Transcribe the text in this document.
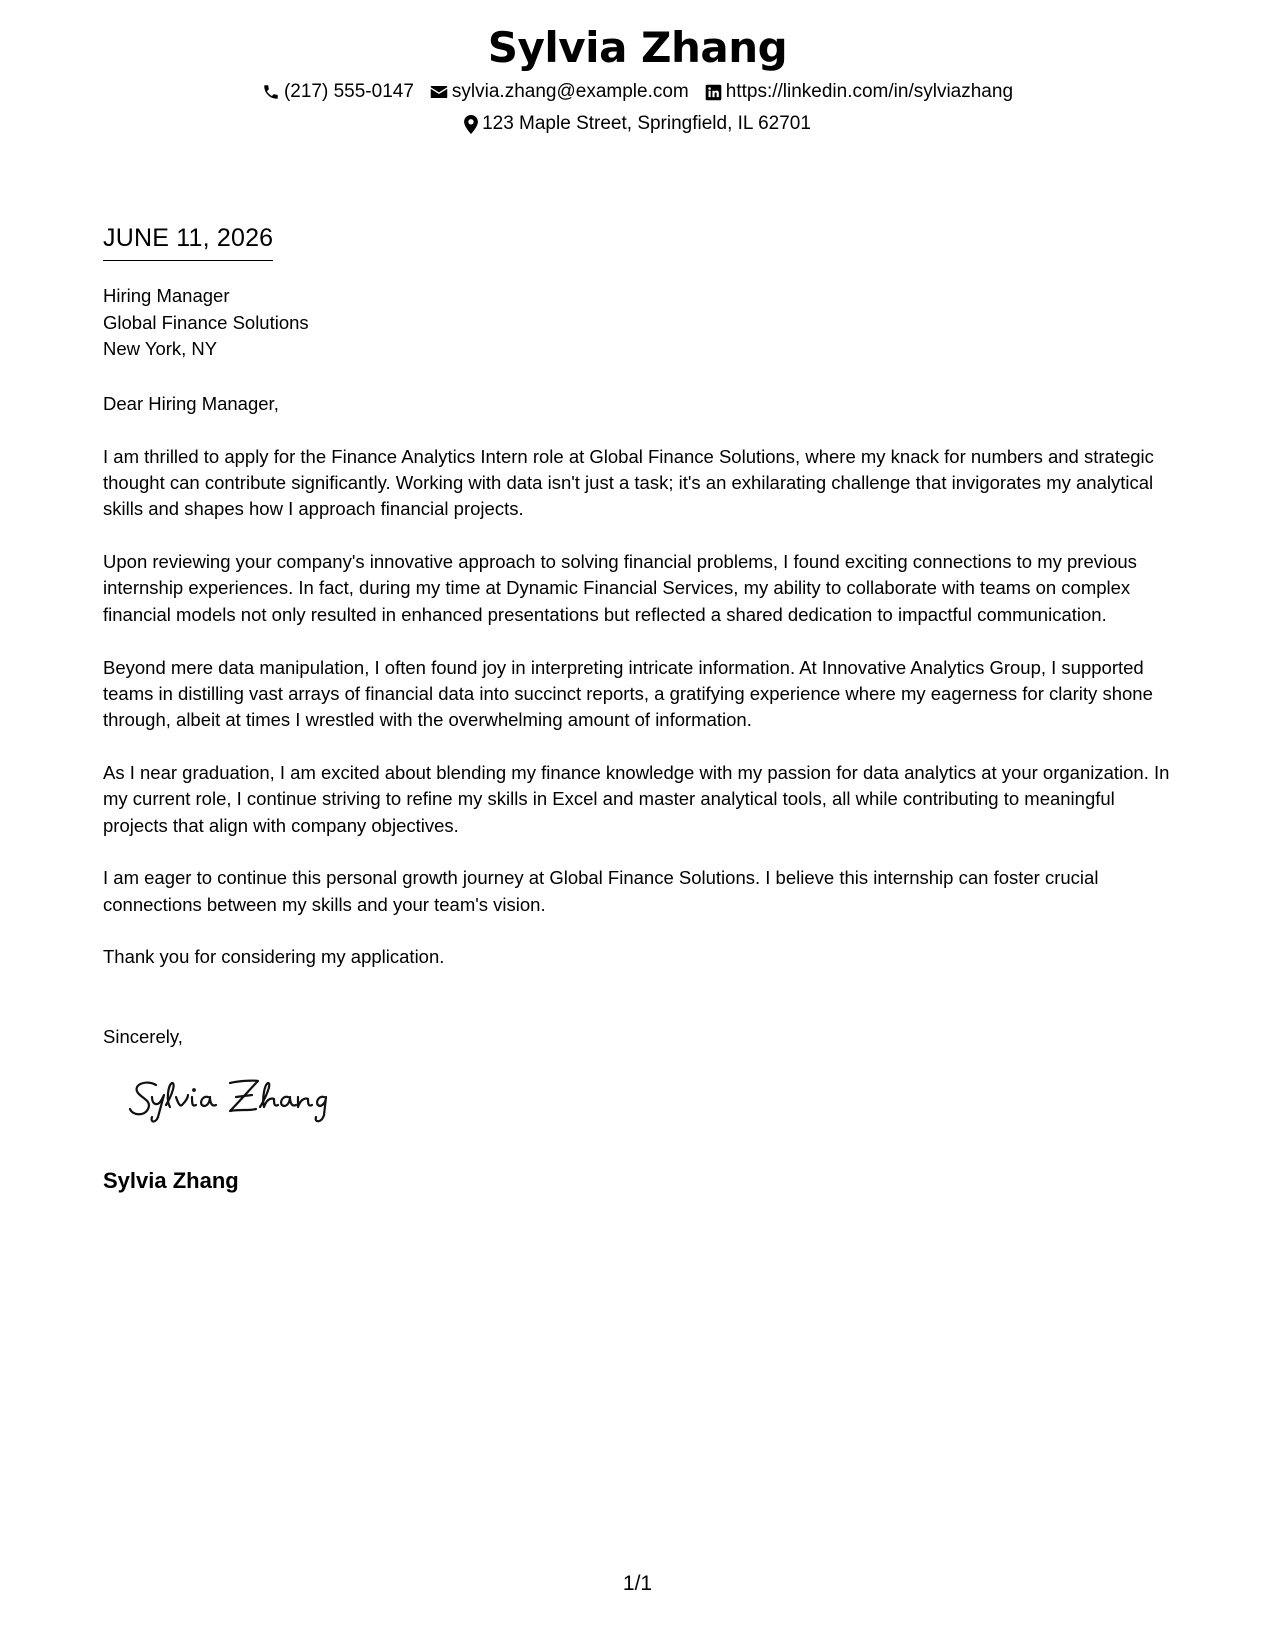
Sylvia Zhang
(217) 555-0147 sylvia.zhang@example.com https://linkedin.com/in/sylviazhang
123 Maple Street, Springfield, IL 62701
JUNE 11, 2026
Hiring Manager
Global Finance Solutions
New York, NY

Dear Hiring Manager,

I am thrilled to apply for the Finance Analytics Intern role at Global Finance Solutions, where my knack for numbers and strategic thought can contribute significantly. Working with data isn't just a task; it's an exhilarating challenge that invigorates my analytical skills and shapes how I approach financial projects.

Upon reviewing your company's innovative approach to solving financial problems, I found exciting connections to my previous internship experiences. In fact, during my time at Dynamic Financial Services, my ability to collaborate with teams on complex financial models not only resulted in enhanced presentations but reflected a shared dedication to impactful communication.

Beyond mere data manipulation, I often found joy in interpreting intricate information. At Innovative Analytics Group, I supported teams in distilling vast arrays of financial data into succinct reports, a gratifying experience where my eagerness for clarity shone through, albeit at times I wrestled with the overwhelming amount of information.

As I near graduation, I am excited about blending my finance knowledge with my passion for data analytics at your organization. In my current role, I continue striving to refine my skills in Excel and master analytical tools, all while contributing to meaningful projects that align with company objectives.

I am eager to continue this personal growth journey at Global Finance Solutions. I believe this internship can foster crucial connections between my skills and your team's vision.

Thank you for considering my application.

Sincerely,
Sylvia Zhang
1/1
